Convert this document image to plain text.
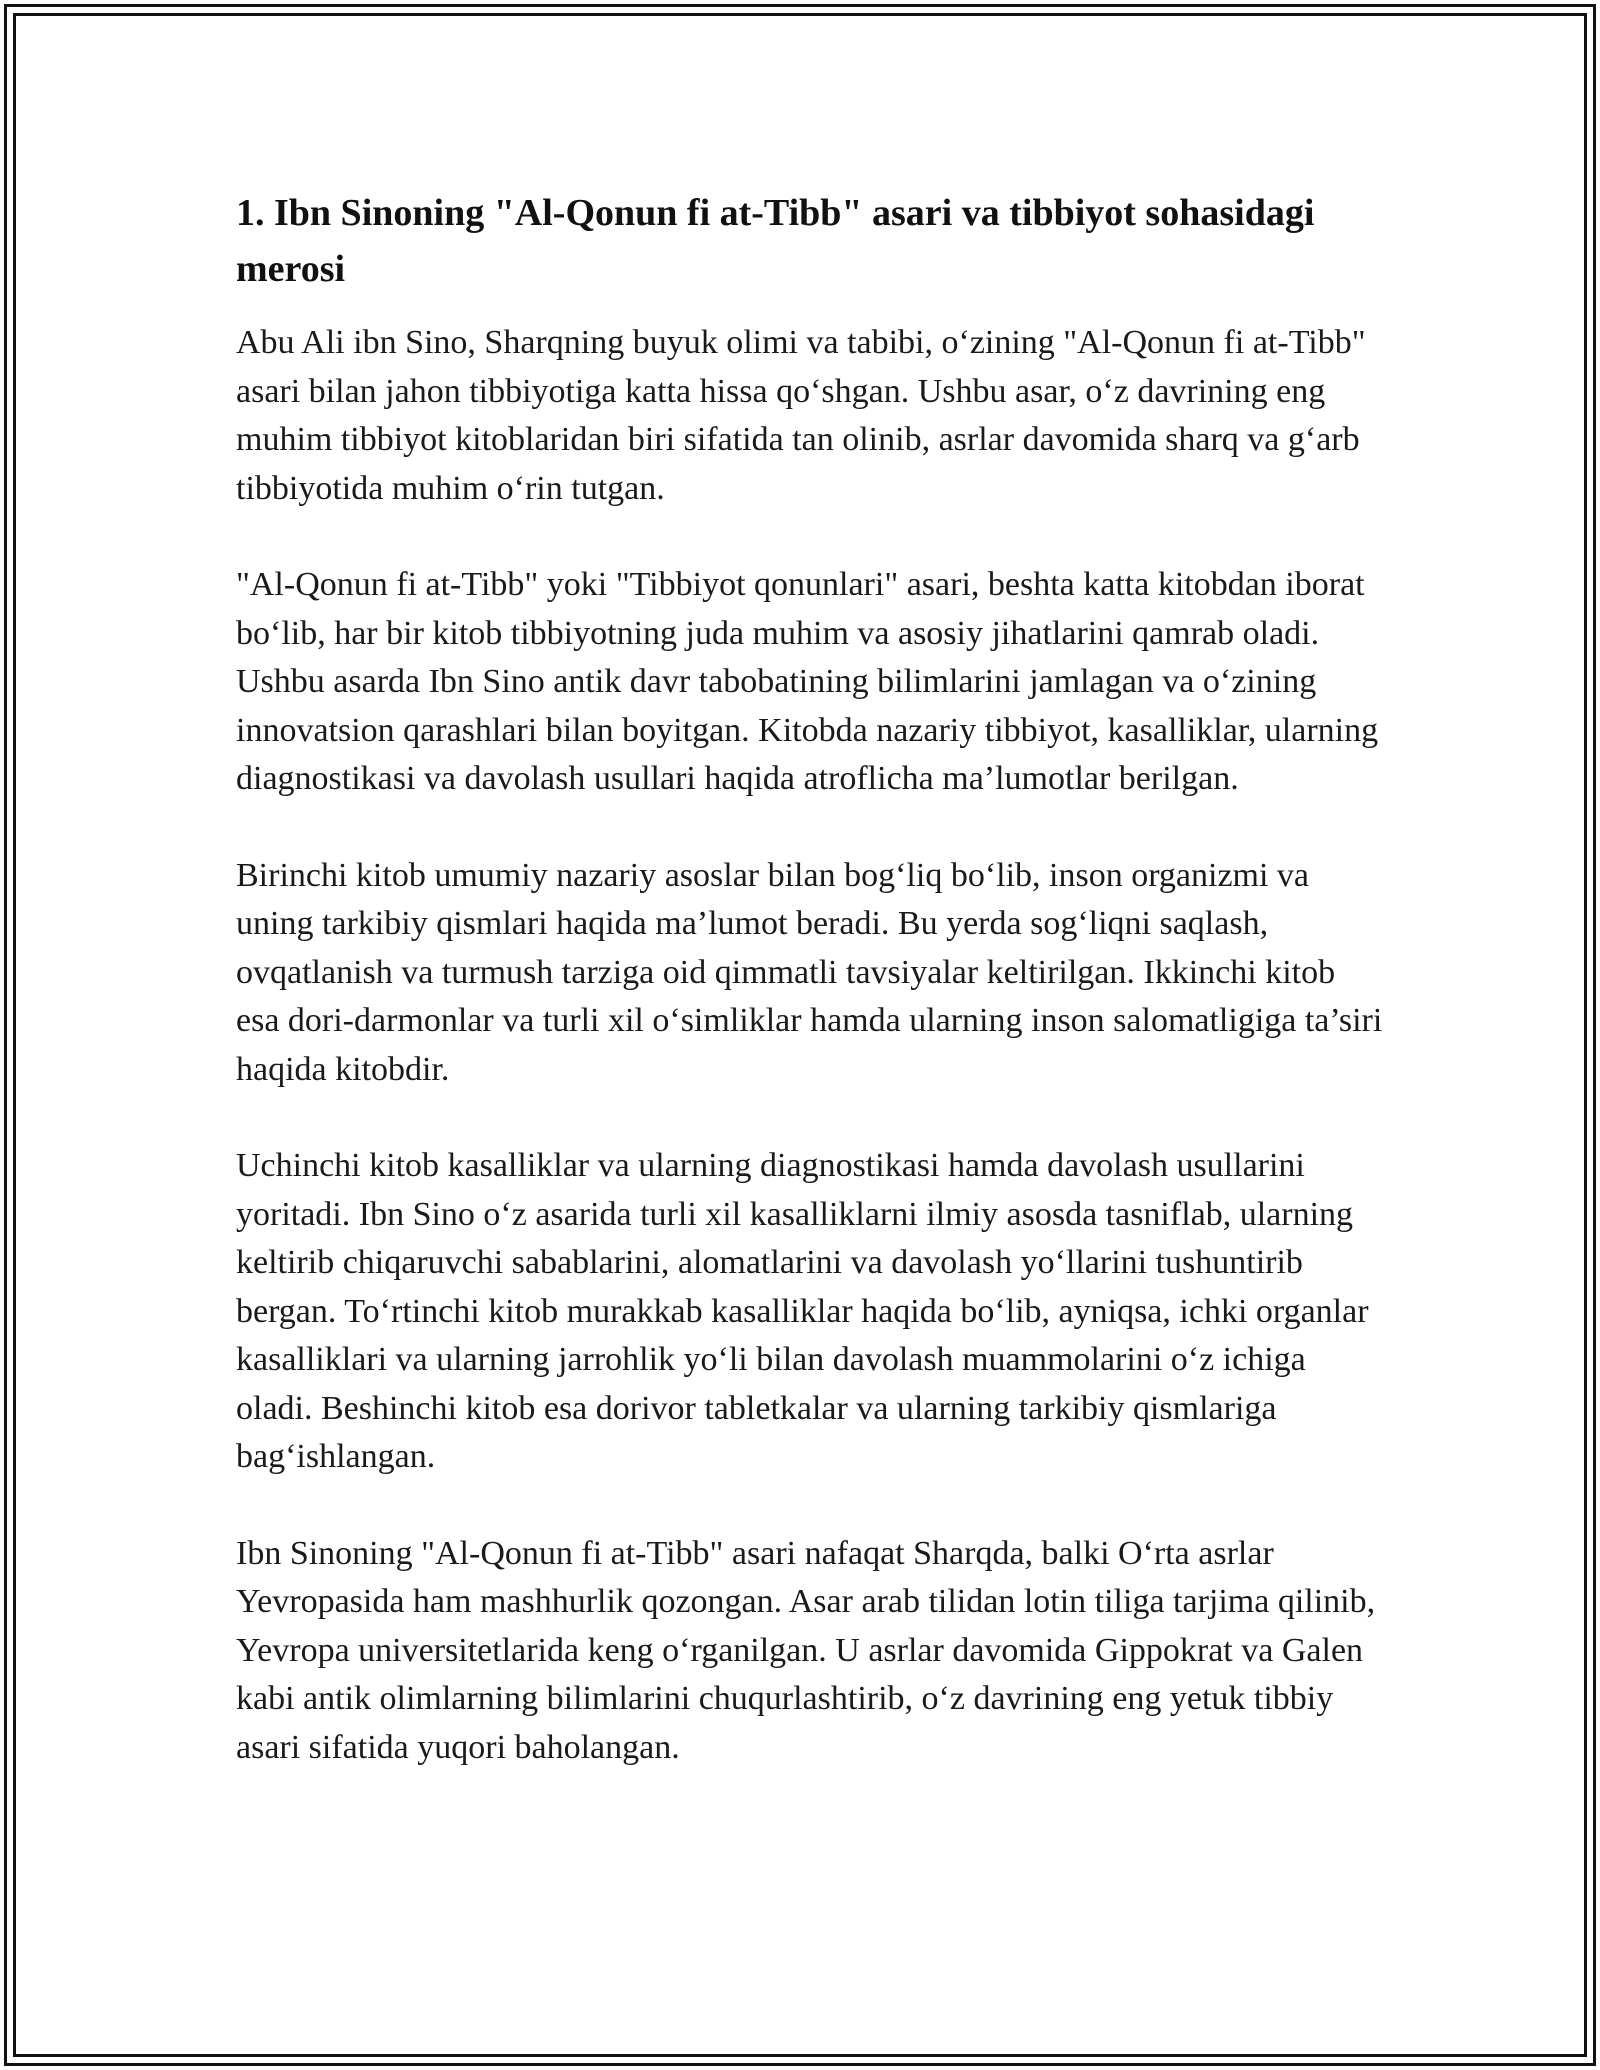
1. Ibn Sinoning "Al-Qonun fi at-Tibb" asari va tibbiyot sohasidagi merosi

Abu Ali ibn Sino, Sharqning buyuk olimi va tabibi, o‘zining "Al-Qonun fi at-Tibb" asari bilan jahon tibbiyotiga katta hissa qo‘shgan. Ushbu asar, o‘z davrining eng muhim tibbiyot kitoblaridan biri sifatida tan olinib, asrlar davomida sharq va g‘arb tibbiyotida muhim o‘rin tutgan.

"Al-Qonun fi at-Tibb" yoki "Tibbiyot qonunlari" asari, beshta katta kitobdan iborat bo‘lib, har bir kitob tibbiyotning juda muhim va asosiy jihatlarini qamrab oladi. Ushbu asarda Ibn Sino antik davr tabobatining bilimlarini jamlagan va o‘zining innovatsion qarashlari bilan boyitgan. Kitobda nazariy tibbiyot, kasalliklar, ularning diagnostikasi va davolash usullari haqida atroflicha ma’lumotlar berilgan.

Birinchi kitob umumiy nazariy asoslar bilan bog‘liq bo‘lib, inson organizmi va uning tarkibiy qismlari haqida ma’lumot beradi. Bu yerda sog‘liqni saqlash, ovqatlanish va turmush tarziga oid qimmatli tavsiyalar keltirilgan. Ikkinchi kitob esa dori-darmonlar va turli xil o‘simliklar hamda ularning inson salomatligiga ta’siri haqida kitobdir.

Uchinchi kitob kasalliklar va ularning diagnostikasi hamda davolash usullarini yoritadi. Ibn Sino o‘z asarida turli xil kasalliklarni ilmiy asosda tasniflab, ularning keltirib chiqaruvchi sabablarini, alomatlarini va davolash yo‘llarini tushuntirib bergan. To‘rtinchi kitob murakkab kasalliklar haqida bo‘lib, ayniqsa, ichki organlar kasalliklari va ularning jarrohlik yo‘li bilan davolash muammolarini o‘z ichiga oladi. Beshinchi kitob esa dorivor tabletkalar va ularning tarkibiy qismlariga bag‘ishlangan.

Ibn Sinoning "Al-Qonun fi at-Tibb" asari nafaqat Sharqda, balki O‘rta asrlar Yevropasida ham mashhurlik qozongan. Asar arab tilidan lotin tiliga tarjima qilinib, Yevropa universitetlarida keng o‘rganilgan. U asrlar davomida Gippokrat va Galen kabi antik olimlarning bilimlarini chuqurlashtirib, o‘z davrining eng yetuk tibbiy asari sifatida yuqori baholangan.
